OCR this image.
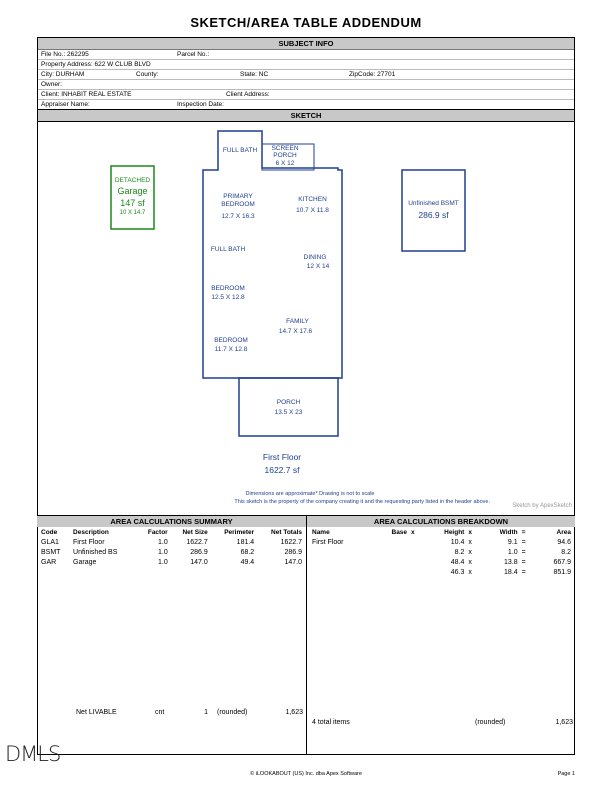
SKETCH/AREA TABLE ADDENDUM
SUBJECT INFO
File No.: 262295	Parcel No.:
Property Address: 622 W CLUB BLVD
City: DURHAM	County:	State: NC	ZipCode: 27701
Owner:
Client: INHABIT REAL ESTATE	Client Address:
Appraiser Name:	Inspection Date:
SKETCH
DETACHED
Garage
147 sf
10 X 14.7
Unfinished BSMT
286.9 sf
FULL BATH	SCREEN
PORCH
6 X 12
PRIMARY
BEDROOM
12.7 X 16.3
KITCHEN
10.7 X 11.8
FULL BATH
DINING
12 X 14
BEDROOM
12.5 X 12.8
FAMILY
14.7 X 17.6
BEDROOM
11.7 X 12.8
PORCH
13.5 X 23
First Floor
1622.7 sf
Dimensions are approximate* Drawing is not to scale
This sketch is the property of the company creating it and the requesting party listed in the header above.
Sketch by ApexSketch
AREA CALCULATIONS SUMMARY	AREA CALCULATIONS BREAKDOWN
Code	Description	Factor	Net Size	Perimeter	Net Totals
GLA1	First Floor	1.0	1622.7	181.4	1622.7
BSMT	Unfinished BS	1.0	286.9	68.2	286.9
GAR	Garage	1.0	147.0	49.4	147.0
Net LIVABLE	cnt	1 (rounded)	1,623
Name	Base	x	Height	x	Width	=	Area
First Floor			10.4	x	9.1	=	94.6
			8.2	x	1.0	=	8.2
			48.4	x	13.8	=	667.9
			46.3	x	18.4	=	851.9
4 total items	(rounded)	1,623
DMLS
© iLOOKABOUT (US) Inc. dba Apex Software	Page 1
